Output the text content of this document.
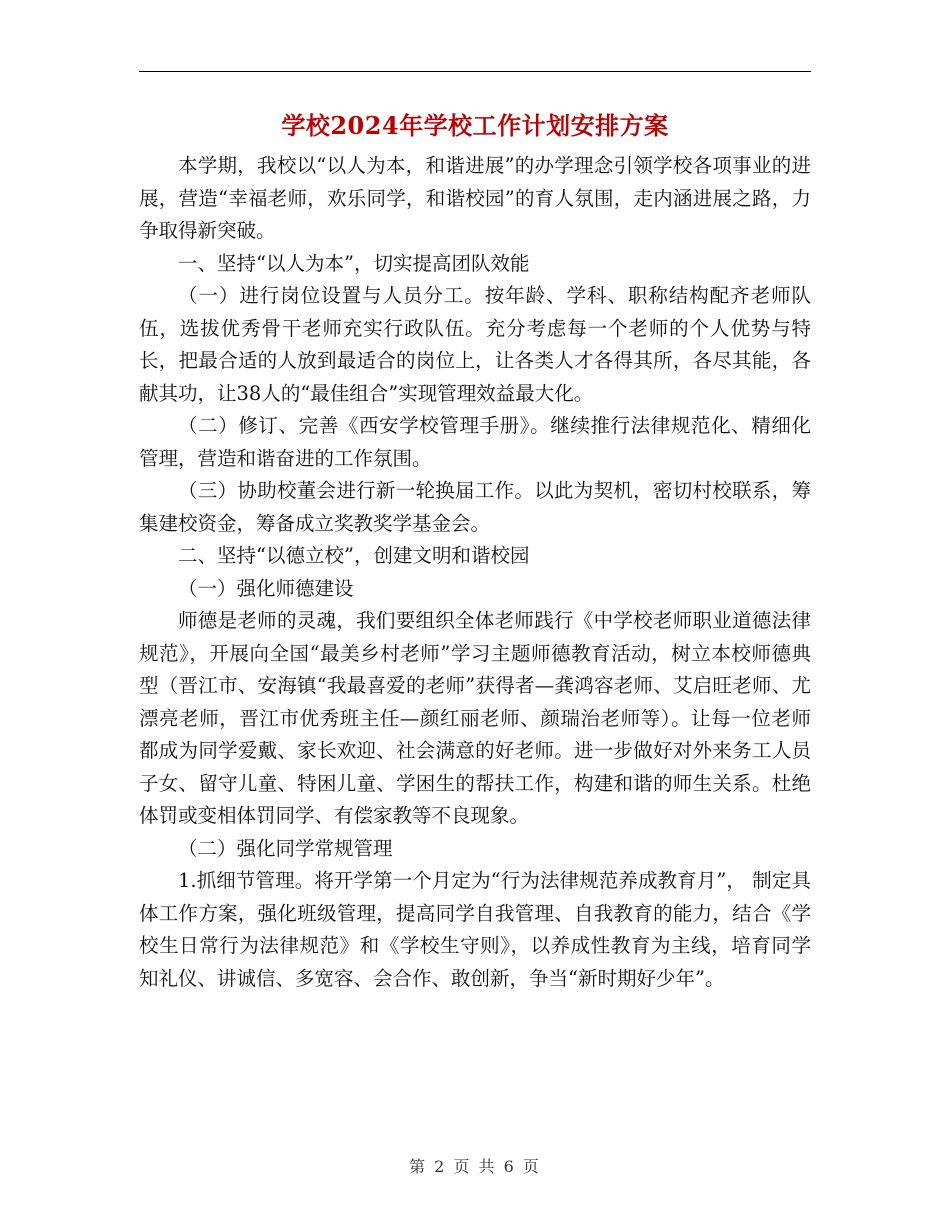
学校2024年学校工作计划安排方案

本学期，我校以“以人为本，和谐进展”的办学理念引领学校各项事业的进展，营造“幸福老师，欢乐同学，和谐校园”的育人氛围，走内涵进展之路，力争取得新突破。

一、坚持“以人为本”，切实提高团队效能

（一）进行岗位设置与人员分工。按年龄、学科、职称结构配齐老师队伍，选拔优秀骨干老师充实行政队伍。充分考虑每一个老师的个人优势与特长，把最合适的人放到最适合的岗位上，让各类人才各得其所，各尽其能，各献其功，让38人的“最佳组合”实现管理效益最大化。

（二）修订、完善《西安学校管理手册》。继续推行法律规范化、精细化管理，营造和谐奋进的工作氛围。

（三）协助校董会进行新一轮换届工作。以此为契机，密切村校联系，筹集建校资金，筹备成立奖教奖学基金会。

二、坚持“以德立校”，创建文明和谐校园

（一）强化师德建设

师德是老师的灵魂，我们要组织全体老师践行《中学校老师职业道德法律规范》，开展向全国“最美乡村老师”学习主题师德教育活动，树立本校师德典型（晋江市、安海镇“我最喜爱的老师”获得者—龚鸿容老师、艾启旺老师、尤漂亮老师，晋江市优秀班主任—颜红丽老师、颜瑞治老师等）。让每一位老师都成为同学爱戴、家长欢迎、社会满意的好老师。进一步做好对外来务工人员子女、留守儿童、特困儿童、学困生的帮扶工作，构建和谐的师生关系。杜绝体罚或变相体罚同学、有偿家教等不良现象。

（二）强化同学常规管理

1.抓细节管理。将开学第一个月定为“行为法律规范养成教育月”， 制定具体工作方案，强化班级管理，提高同学自我管理、自我教育的能力，结合《学校生日常行为法律规范》和《学校生守则》，以养成性教育为主线，培育同学知礼仪、讲诚信、多宽容、会合作、敢创新，争当“新时期好少年”。

第 2 页 共 6 页
